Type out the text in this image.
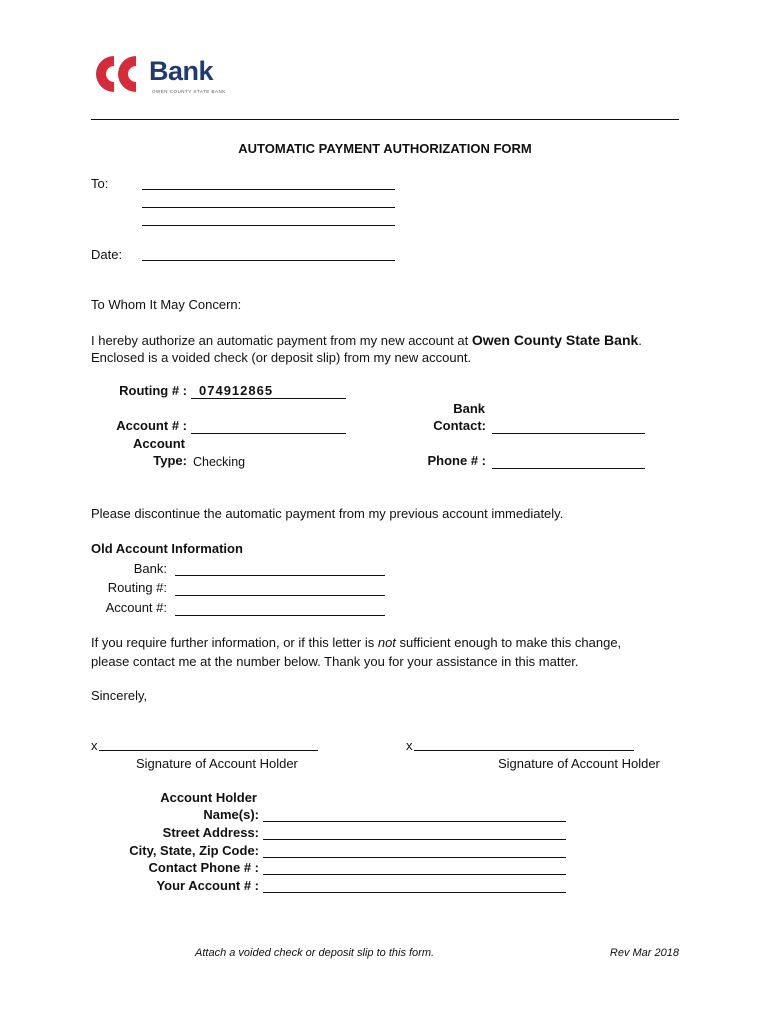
Bank
OWEN COUNTY STATE BANK
AUTOMATIC PAYMENT AUTHORIZATION FORM
To:
Date:
To Whom It May Concern:
I hereby authorize an automatic payment from my new account at Owen County State Bank.
Enclosed is a voided check (or deposit slip) from my new account.
Routing # : 074912865
Account # :
Account
Type: Checking
Bank
Contact:
Phone # :
Please discontinue the automatic payment from my previous account immediately.
Old Account Information
Bank:
Routing #:
Account #:
If you require further information, or if this letter is not sufficient enough to make this change,
please contact me at the number below. Thank you for your assistance in this matter.
Sincerely,
x
Signature of Account Holder
x
Signature of Account Holder
Account Holder
Name(s):
Street Address:
City, State, Zip Code:
Contact Phone # :
Your Account # :
Attach a voided check or deposit slip to this form.	Rev Mar 2018
